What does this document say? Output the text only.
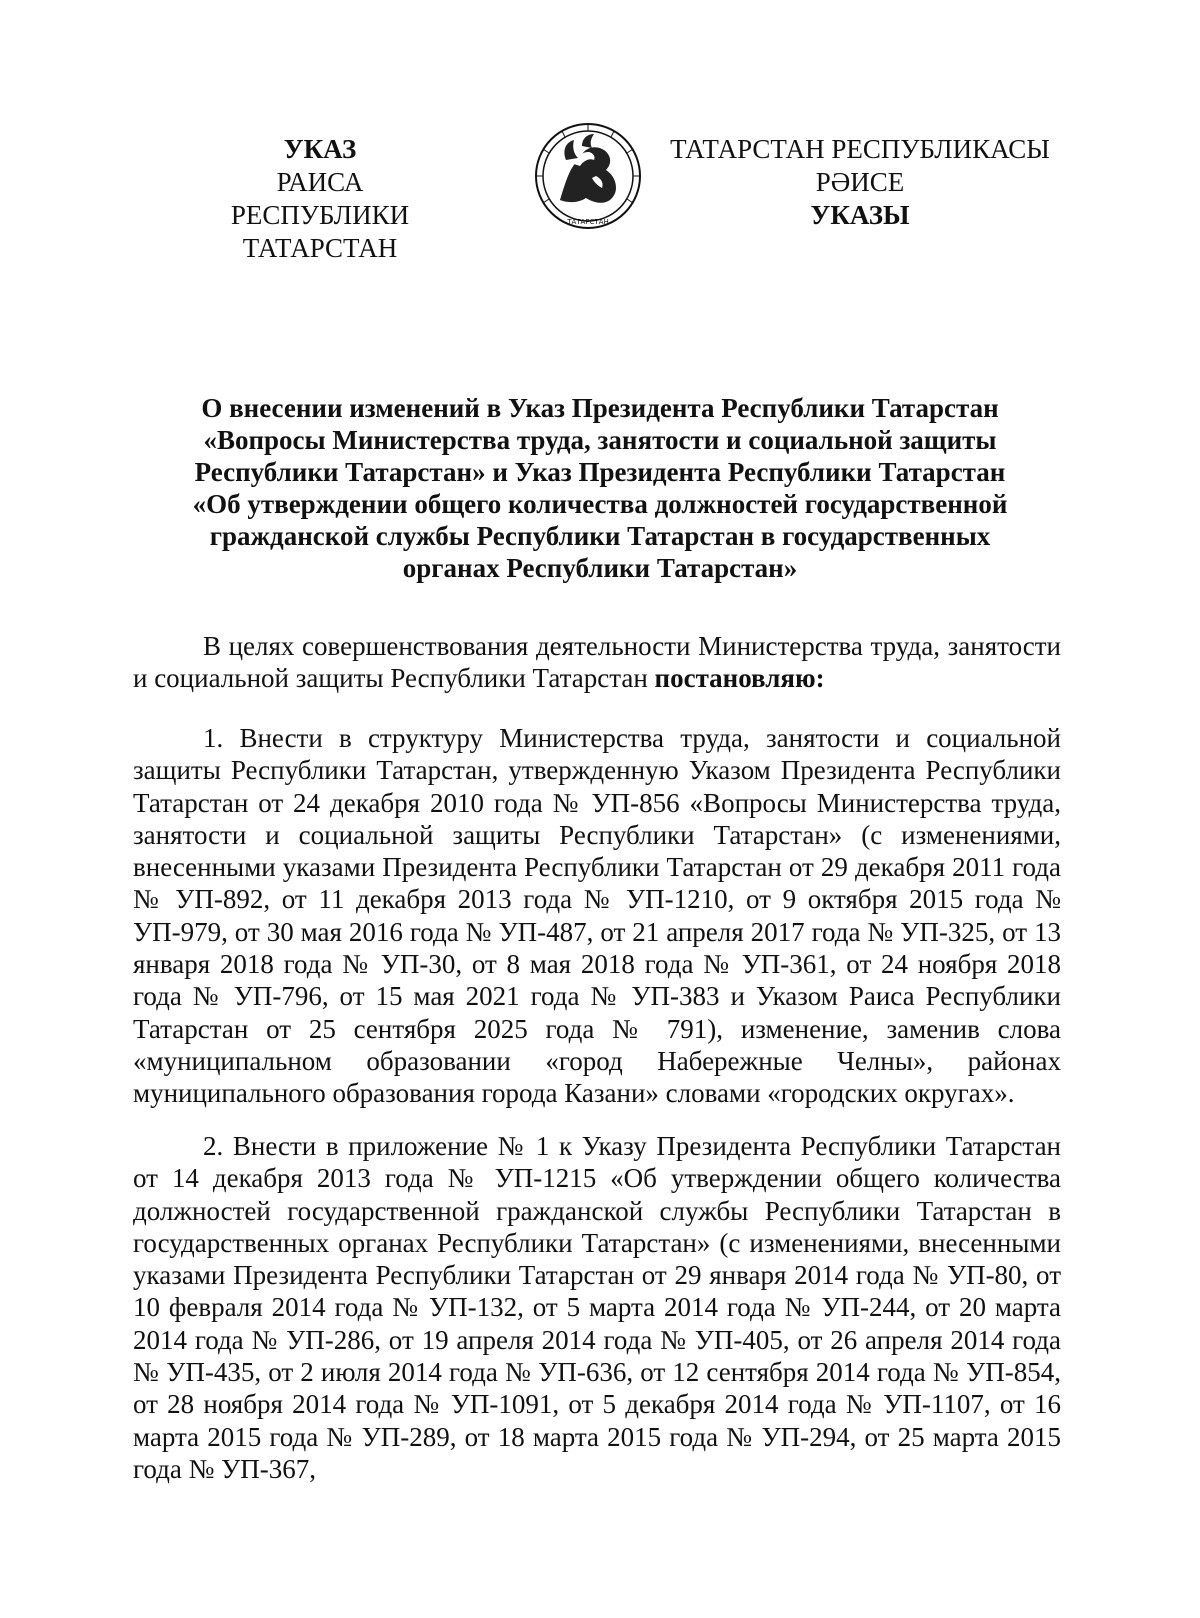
УКАЗ
РАИСА
РЕСПУБЛИКИ ТАТАРСТАН
ТАТАРСТАН
ТАТАРСТАН РЕСПУБЛИКАСЫ
РӘИСЕ
УКАЗЫ
О внесении изменений в Указ Президента Республики Татарстан
«Вопросы Министерства труда, занятости и социальной защиты
Республики Татарстан» и Указ Президента Республики Татарстан
«Об утверждении общего количества должностей государственной
гражданской службы Республики Татарстан в государственных
органах Республики Татарстан»
В целях совершенствования деятельности Министерства труда, занятости и социальной защиты Республики Татарстан постановляю:
1. Внести в структуру Министерства труда, занятости и социальной защиты Республики Татарстан, утвержденную Указом Президента Республики Татарстан от 24 декабря 2010 года № УП-856 «Вопросы Министерства труда, занятости и социальной защиты Республики Татарстан» (с изменениями, внесенными указами Президента Республики Татарстан от 29 декабря 2011 года № УП-892, от 11 декабря 2013 года № УП-1210, от 9 октября 2015 года № УП-979, от 30 мая 2016 года № УП-487, от 21 апреля 2017 года № УП-325, от 13 января 2018 года № УП-30, от 8 мая 2018 года № УП-361, от 24 ноября 2018 года № УП-796, от 15 мая 2021 года № УП-383 и Указом Раиса Республики Татарстан от 25 сентября 2025 года № 791), изменение, заменив слова «муниципальном образовании «город Набережные Челны», районах муниципального образования города Казани» словами «городских округах».
2. Внести в приложение № 1 к Указу Президента Республики Татарстан от 14 декабря 2013 года № УП-1215 «Об утверждении общего количества должностей государственной гражданской службы Республики Татарстан в государственных органах Республики Татарстан» (с изменениями, внесенными указами Президента Республики Татарстан от 29 января 2014 года № УП-80, от 10 февраля 2014 года № УП-132, от 5 марта 2014 года № УП-244, от 20 марта 2014 года № УП-286, от 19 апреля 2014 года № УП-405, от 26 апреля 2014 года № УП-435, от 2 июля 2014 года № УП-636, от 12 сентября 2014 года № УП-854, от 28 ноября 2014 года № УП-1091, от 5 декабря 2014 года № УП-1107, от 16 марта 2015 года № УП-289, от 18 марта 2015 года № УП-294, от 25 марта 2015 года № УП-367,
